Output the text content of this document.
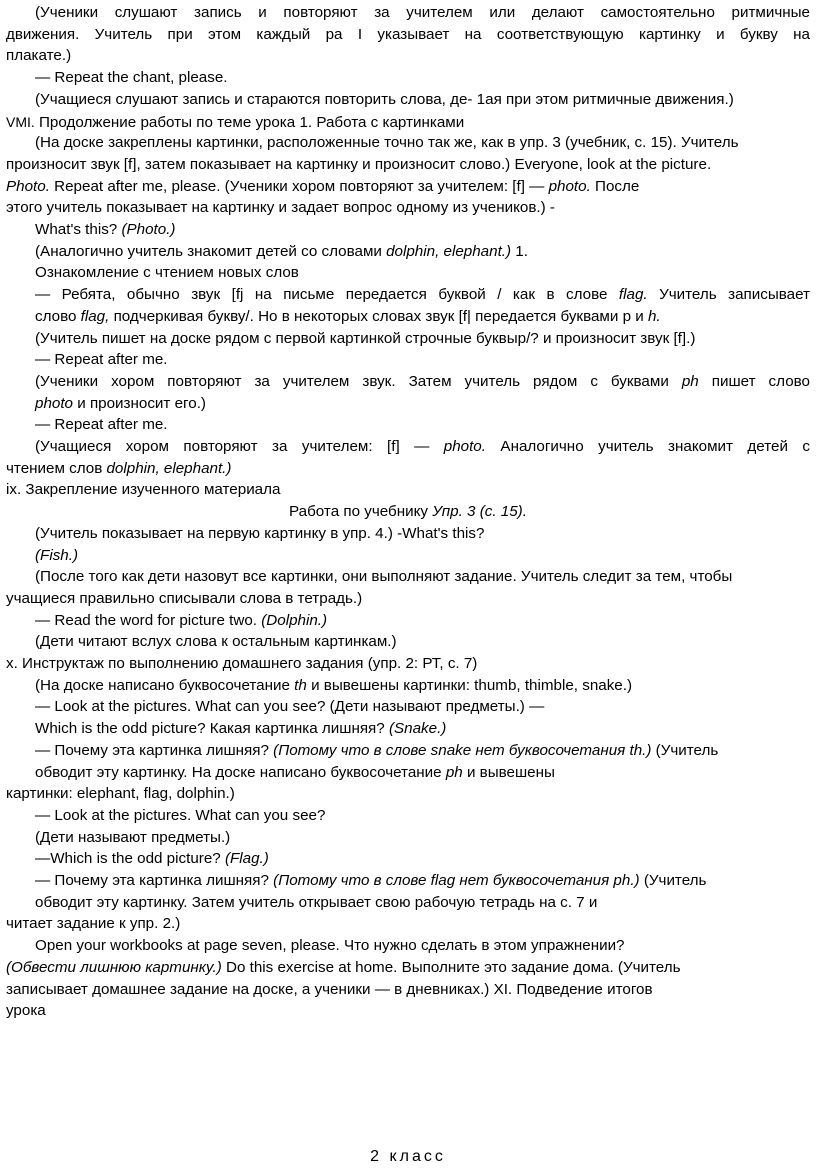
(Ученики слушают запись и повторяют за учителем или делают самостоятельно ритмичные
движения. Учитель при этом каждый ра I указывает на соответствующую картинку и букву на
плакате.)
— Repeat the chant, please.
(Учащиеся слушают запись и стараются повторить слова, де- 1ая при этом ритмичные движения.)
VMI. Продолжение работы по теме урока 1. Работа с картинками
(На доске закреплены картинки, расположенные точно так же, как в упр. 3 (учебник, с. 15). Учитель
произносит звук [f], затем показывает на картинку и произносит слово.) Everyone, look at the picture.
Photo. Repeat after me, please. (Ученики хором повторяют за учителем: [f] — photo. После
этого учитель показывает на картинку и задает вопрос одному из учеников.) -
What's this? (Photo.)
(Аналогично учитель знакомит детей со словами dolphin, elephant.) 1.
Ознакомление с чтением новых слов
— Ребята, обычно звук [fj на письме передается буквой / как в слове flag. Учитель записывает
слово flag, подчеркивая букву/. Но в некоторых словах звук [f| передается буквами р и h.
(Учитель пишет на доске рядом с первой картинкой строчные буквыр/? и произносит звук [f].)
— Repeat after me.
(Ученики хором повторяют за учителем звук. Затем учитель рядом с буквами ph пишет слово
photo и произносит его.)
— Repeat after me.
(Учащиеся хором повторяют за учителем: [f] — photo. Аналогично учитель знакомит детей с
чтением слов dolphin, elephant.)
ix. Закрепление изученного материала
Работа по учебнику Упр. 3 (с. 15).
(Учитель показывает на первую картинку в упр. 4.) -What's this?
(Fish.)
(После того как дети назовут все картинки, они выполняют задание. Учитель следит за тем, чтобы
учащиеся правильно списывали слова в тетрадь.)
— Read the word for picture two. (Dolphin.)
(Дети читают вслух слова к остальным картинкам.)
x. Инструктаж по выполнению домашнего задания (упр. 2: РТ, с. 7)
(На доске написано буквосочетание th и вывешены картинки: thumb, thimble, snake.)
— Look at the pictures. What can you see? (Дети называют предметы.) —
Which is the odd picture? Какая картинка лишняя? (Snake.)
— Почему эта картинка лишняя? (Потому что в слове snake нет буквосочетания th.) (Учитель
обводит эту картинку. На доске написано буквосочетание ph и вывешены
картинки: elephant, flag, dolphin.)
— Look at the pictures. What can you see?
(Дети называют предметы.)
—Which is the odd picture? (Flag.)
— Почему эта картинка лишняя? (Потому что в слове flag нет буквосочетания ph.) (Учитель
обводит эту картинку. Затем учитель открывает свою рабочую тетрадь на с. 7 и
читает задание к упр. 2.)
Open your workbooks at page seven, please. Что нужно сделать в этом упражнении?
(Обвести лишнюю картинку.) Do this exercise at home. Выполните это задание дома. (Учитель
записывает домашнее задание на доске, а ученики — в дневниках.) XI. Подведение итогов
урока
2 класс
